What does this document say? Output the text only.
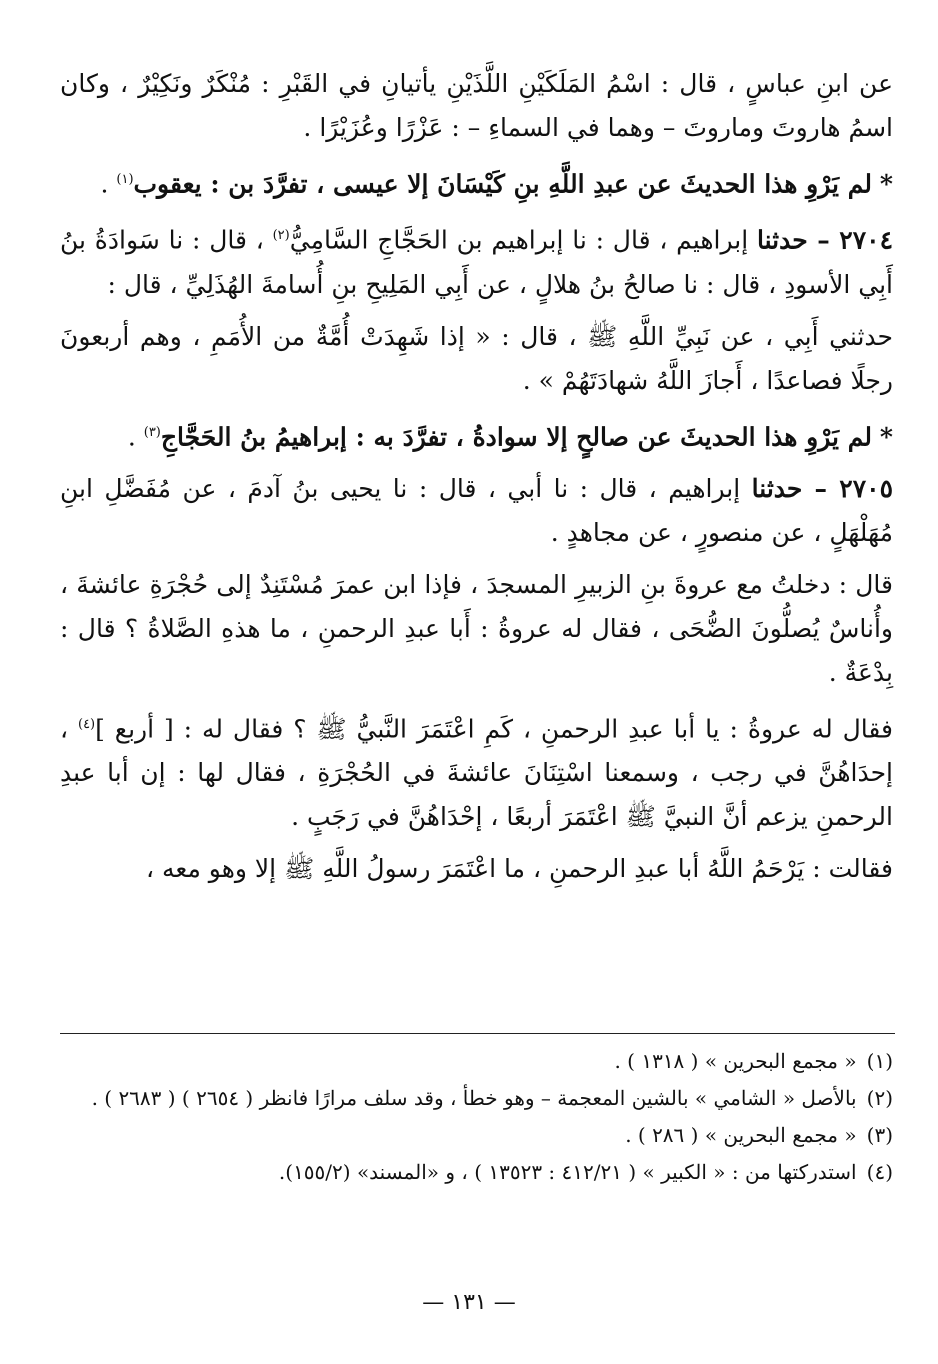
عن ابنِ عباسٍ ، قال : اسْمُ المَلَكَيْنِ اللَّذَيْنِ يأتيانِ في القَبْرِ : مُنْكَرٌ ونَكِيْرٌ ، وكان اسمُ هاروتَ وماروتَ – وهما في السماءِ – : عَزْرًا وعُزَيْرًا .

* لم يَرْوِ هذا الحديثَ عن عبدِ اللَّهِ بنِ كَيْسَانَ إلا عيسى ، تفرَّدَ بن : يعقوب$^{(١)}$ .

٢٧٠٤ – حدثنا إبراهيم ، قال : نا إبراهيم بن الحَجَّاجِ السَّامِيُّ$^{(٢)}$ ، قال : نا سَوادَةُ بنُ أَبِي الأسودِ ، قال : نا صالحُ بنُ هلالٍ ، عن أَبِي المَلِيحِ بنِ أُسامةَ الهُذَلِيِّ ، قال :

حدثني أَبِي ، عن نَبِيِّ اللَّهِ ﷺ ، قال : « إذا شَهِدَتْ أُمَّةٌ من الأُمَمِ ، وهم أربعونَ رجلًا فصاعدًا ، أَجازَ اللَّهُ شهادَتَهُمْ » .

* لم يَرْوِ هذا الحديثَ عن صالحٍ إلا سوادةُ ، تفرَّدَ به : إبراهيمُ بنُ الحَجَّاجِ$^{(٣)}$ .

٢٧٠٥ – حدثنا إبراهيم ، قال : نا أبي ، قال : نا يحيى بنُ آدمَ ، عن مُفَضَّلِ ابنِ مُهَلْهَلٍ ، عن منصورٍ ، عن مجاهدٍ .

قال : دخلتُ مع عروةَ بنِ الزبيرِ المسجدَ ، فإذا ابن عمرَ مُسْتَنِدٌ إلى حُجْرَةِ عائشةَ ، وأُناسٌ يُصلُّونَ الضُّحَى ، فقال له عروةُ : أَبا عبدِ الرحمنِ ، ما هذهِ الصَّلاةُ ؟ قال : بِدْعَةٌ .

فقال له عروةُ : يا أبا عبدِ الرحمنِ ، كَمِ اعْتَمَرَ النَّبيُّ ﷺ ؟ فقال له : [ أربع ]$^{(٤)}$ ، إحدَاهُنَّ في رجب ، وسمعنا اسْتِنَانَ عائشةَ في الحُجْرَةِ ، فقال لها : إن أبا عبدِ الرحمنِ يزعم أنَّ النبيَّ ﷺ اعْتَمَرَ أربعًا ، إحْدَاهُنَّ في رَجَبٍ .

فقالت : يَرْحَمُ اللَّهُ أبا عبدِ الرحمنِ ، ما اعْتَمَرَ رسولُ اللَّهِ ﷺ إلا وهو معه ،

(١)« مجمع البحرين » ( ١٣١٨ ) .

(٢)بالأصل « الشامي » بالشين المعجمة – وهو خطأ ، وقد سلف مرارًا فانظر ( ٢٦٥٤ ) ( ٢٦٨٣ ) .

(٣)« مجمع البحرين » ( ٢٨٦ ) .

(٤)استدركتها من : « الكبير » ( ٤١٢/٢١ : ١٣٥٢٣ ) ، و «المسند» (١٥٥/٢).

— ١٣١ —
